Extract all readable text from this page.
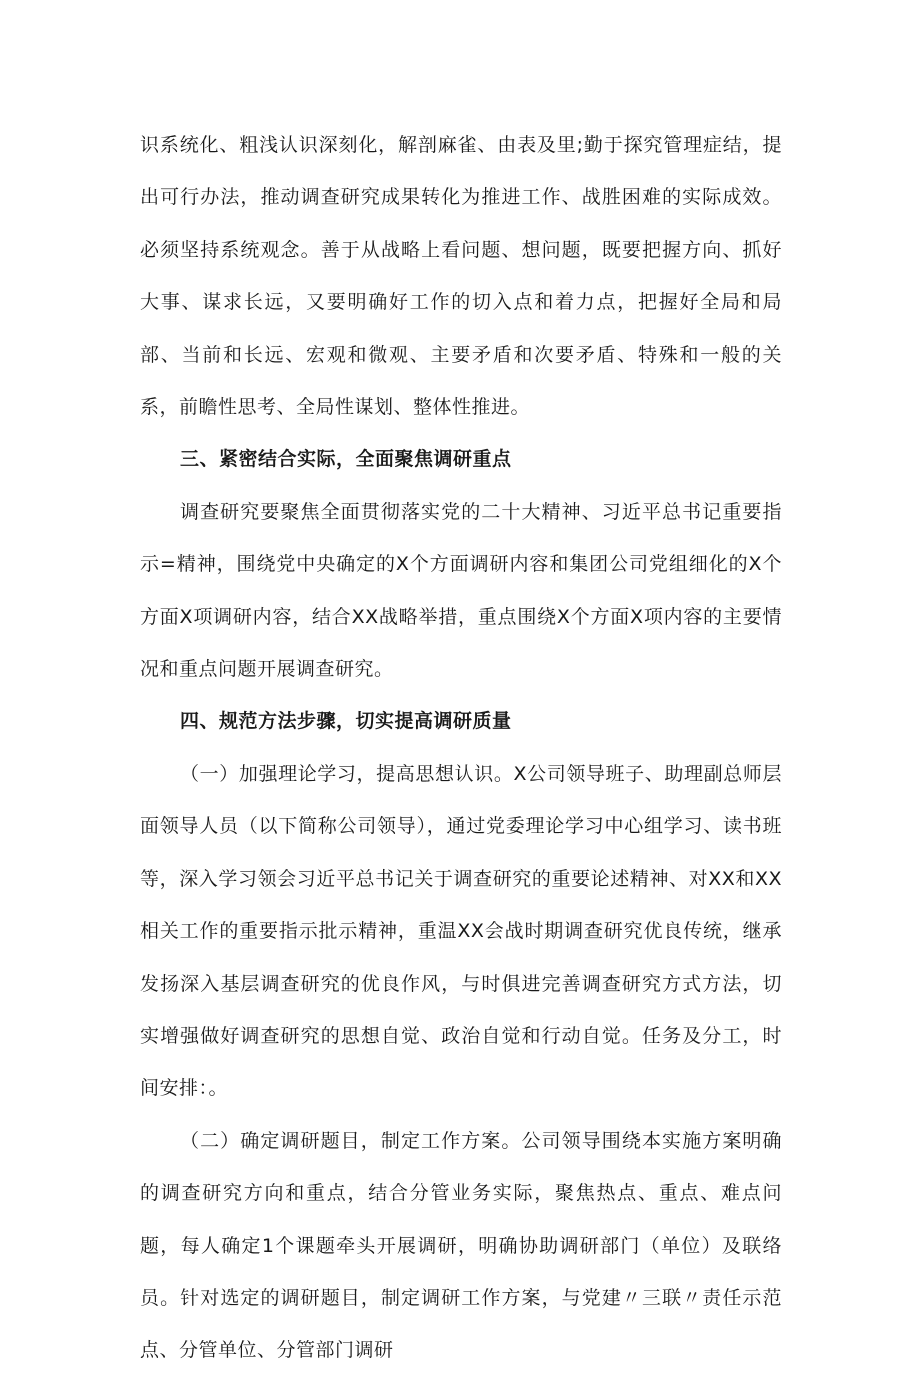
识系统化、粗浅认识深刻化，解剖麻雀、由表及里;勤于探究管理症结，提出可行办法，推动调查研究成果转化为推进工作、战胜困难的实际成效。必须坚持系统观念。善于从战略上看问题、想问题，既要把握方向、抓好大事、谋求长远，又要明确好工作的切入点和着力点，把握好全局和局部、当前和长远、宏观和微观、主要矛盾和次要矛盾、特殊和一般的关系，前瞻性思考、全局性谋划、整体性推进。

三、紧密结合实际，全面聚焦调研重点

调查研究要聚焦全面贯彻落实党的二十大精神、习近平总书记重要指示=精神，围绕党中央确定的X个方面调研内容和集团公司党组细化的X个方面X项调研内容，结合XX战略举措，重点围绕X个方面X项内容的主要情况和重点问题开展调查研究。

四、规范方法步骤，切实提高调研质量

（一）加强理论学习，提高思想认识。X公司领导班子、助理副总师层面领导人员（以下简称公司领导），通过党委理论学习中心组学习、读书班等，深入学习领会习近平总书记关于调查研究的重要论述精神、对XX和XX相关工作的重要指示批示精神，重温XX会战时期调查研究优良传统，继承发扬深入基层调查研究的优良作风，与时俱进完善调查研究方式方法，切实增强做好调查研究的思想自觉、政治自觉和行动自觉。任务及分工，时间安排：。

（二）确定调研题目，制定工作方案。公司领导围绕本实施方案明确的调查研究方向和重点，结合分管业务实际，聚焦热点、重点、难点问题，每人确定1个课题牵头开展调研，明确协助调研部门（单位）及联络员。针对选定的调研题目，制定调研工作方案，与党建〃三联〃责任示范点、分管单位、分管部门调研
